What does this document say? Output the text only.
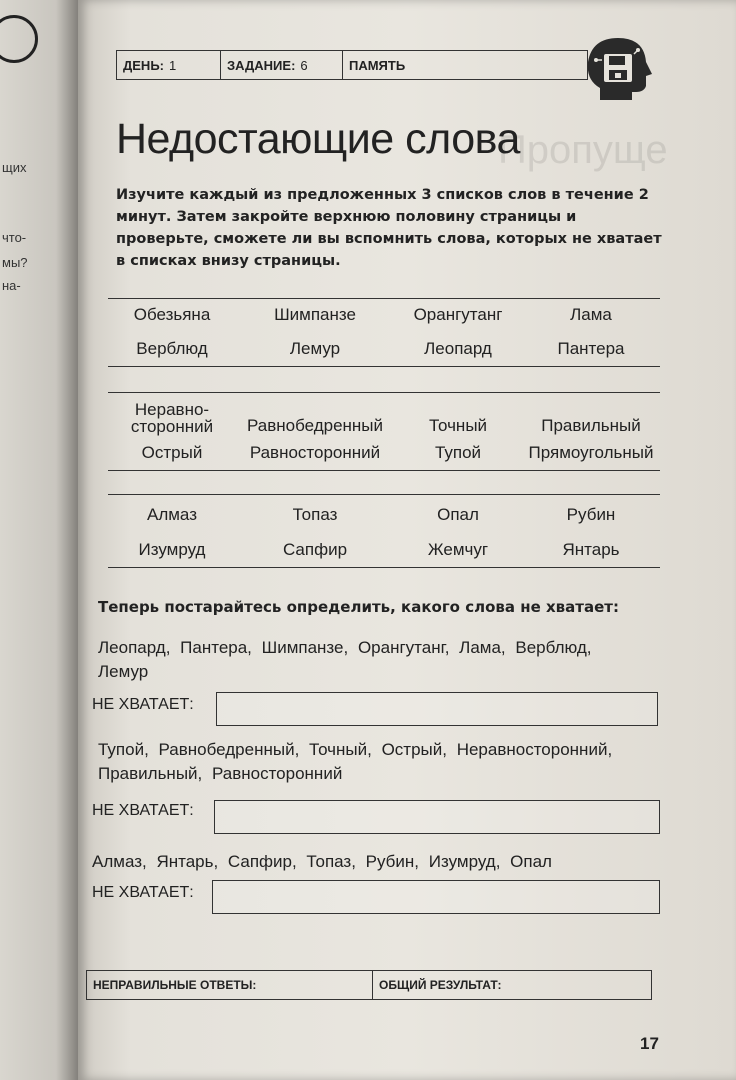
щих
что-
мы?
на-
ДЕНЬ: 1	ЗАДАНИЕ: 6	ПАМЯТЬ
Недостающие слова
Пропуще
Изучите каждый из предложенных 3 списков слов в течение 2 минут. Затем закройте верхнюю половину страницы и проверьте, сможете ли вы вспомнить слова, которых не хватает в списках внизу страницы.
Обезьяна	Шимпанзе	Орангутанг	Лама
Верблюд	Лемур	Леопард	Пантера
Неравно-
сторонний	Равнобедренный	Точный	Правильный
Острый	Равносторонний	Тупой	Прямоугольный
Алмаз	Топаз	Опал	Рубин
Изумруд	Сапфир	Жемчуг	Янтарь
Теперь постарайтесь определить, какого слова не хватает:
Леопард, Пантера, Шимпанзе, Орангутанг, Лама, Верблюд, Лемур
НЕ ХВАТАЕТ:
Тупой, Равнобедренный, Точный, Острый, Неравносторонний, Правильный, Равносторонний
НЕ ХВАТАЕТ:
Алмаз, Янтарь, Сапфир, Топаз, Рубин, Изумруд, Опал
НЕ ХВАТАЕТ:
НЕПРАВИЛЬНЫЕ ОТВЕТЫ:	ОБЩИЙ РЕЗУЛЬТАТ:
17
